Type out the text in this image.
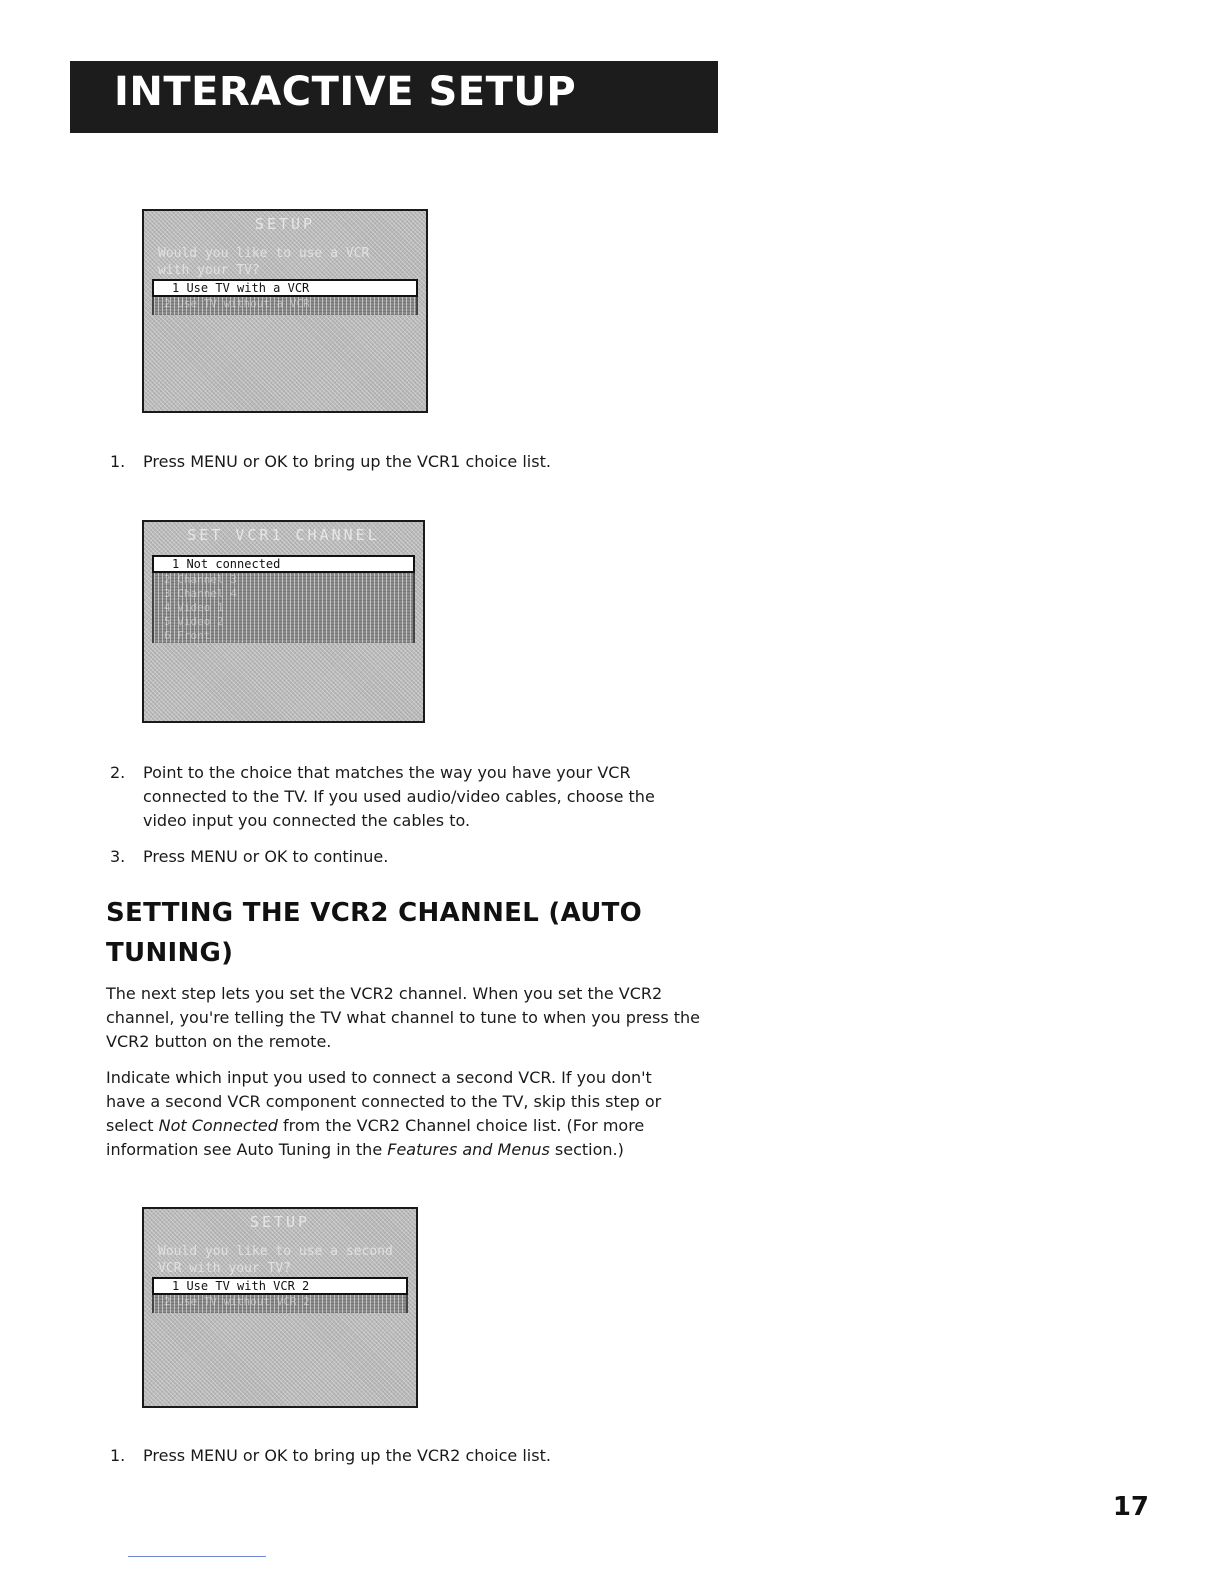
INTERACTIVE SETUP
SETUP
Would you like to use a VCR
with your TV?
1 Use TV with a VCR
2 Use TV without a VCR
1. Press MENU or OK to bring up the VCR1 choice list.
SET VCR1 CHANNEL
1 Not connected
2 Channel 3
3 Channel 4
4 Video 1
5 Video 2
6 Front
2. Point to the choice that matches the way you have your VCR connected to the TV. If you used audio/video cables, choose the video input you connected the cables to.
3. Press MENU or OK to continue.
SETTING THE VCR2 CHANNEL (AUTO TUNING)

The next step lets you set the VCR2 channel. When you set the VCR2 channel, you're telling the TV what channel to tune to when you press the VCR2 button on the remote.

Indicate which input you used to connect a second VCR. If you don't have a second VCR component connected to the TV, skip this step or select Not Connected from the VCR2 Channel choice list. (For more information see Auto Tuning in the Features and Menus section.)

SETUP
Would you like to use a second
VCR with your TV?
1 Use TV with VCR 2
2 Use TV without VCR 2
1. Press MENU or OK to bring up the VCR2 choice list.
17
